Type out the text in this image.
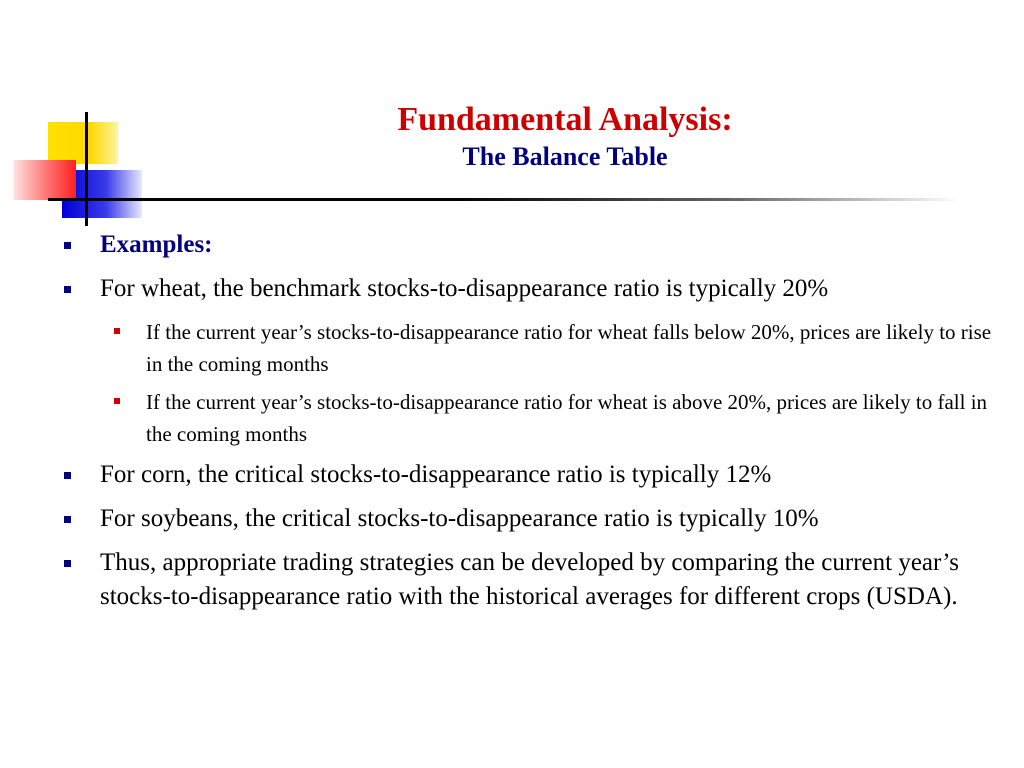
Fundamental Analysis:
The Balance Table
Examples:
For wheat, the benchmark stocks-to-disappearance ratio is typically 20%
If the current year’s stocks-to-disappearance ratio for wheat falls below 20%, prices are likely to rise in the coming months
If the current year’s stocks-to-disappearance ratio for wheat is above 20%, prices are likely to fall in the coming months
For corn, the critical stocks-to-disappearance ratio is typically 12%
For soybeans, the critical stocks-to-disappearance ratio is typically 10%
Thus, appropriate trading strategies can be developed by comparing the current year’s stocks-to-disappearance ratio with the historical averages for different crops (USDA).
